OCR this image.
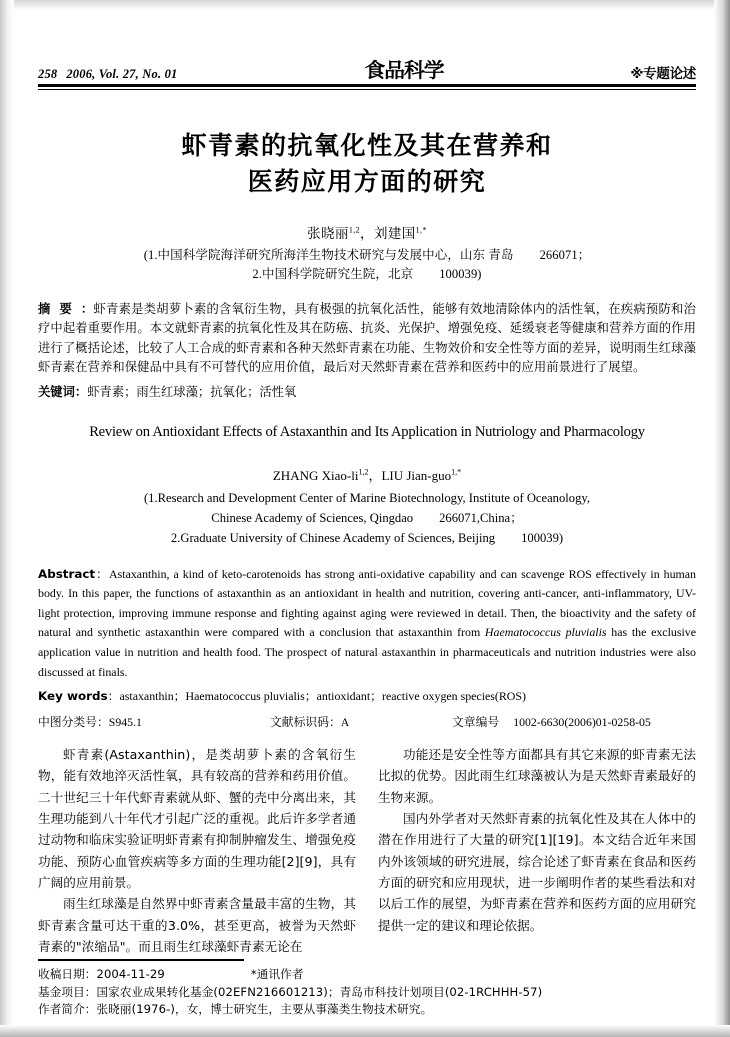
258 2006, Vol. 27, No. 01	食品科学	※专题论述
虾青素的抗氧化性及其在营养和
医药应用方面的研究
张晓丽$^{1,2}$，刘建国$^{1,*}$
(1.中国科学院海洋研究所海洋生物技术研究与发展中心，山东 青岛 266071；
2.中国科学院研究生院，北京 100039)
摘要：虾青素是类胡萝卜素的含氧衍生物，具有极强的抗氧化活性，能够有效地清除体内的活性氧，在疾病预防和治疗中起着重要作用。本文就虾青素的抗氧化性及其在防癌、抗炎、光保护、增强免疫、延缓衰老等健康和营养方面的作用进行了概括论述，比较了人工合成的虾青素和各种天然虾青素在功能、生物效价和安全性等方面的差异，说明雨生红球藻虾青素在营养和保健品中具有不可替代的应用价值，最后对天然虾青素在营养和医药中的应用前景进行了展望。
关键词：虾青素；雨生红球藻；抗氧化；活性氧
Review on Antioxidant Effects of Astaxanthin and Its Application in Nutriology and Pharmacology
ZHANG Xiao-li$^{1,2}$，LIU Jian-guo$^{1,*}$
(1.Research and Development Center of Marine Biotechnology, Institute of Oceanology,
Chinese Academy of Sciences, Qingdao 266071,China；
2.Graduate University of Chinese Academy of Sciences, Beijing 100039)
Abstract：Astaxanthin, a kind of keto-carotenoids has strong anti-oxidative capability and can scavenge ROS effectively in human body. In this paper, the functions of astaxanthin as an antioxidant in health and nutrition, covering anti-cancer, anti-inflammatory, UV-light protection, improving immune response and fighting against aging were reviewed in detail. Then, the bioactivity and the safety of natural and synthetic astaxanthin were compared with a conclusion that astaxanthin from Haematococcus pluvialis has the exclusive application value in nutrition and health food. The prospect of natural astaxanthin in pharmaceuticals and nutrition industries were also discussed at finals.
Key words：astaxanthin；Haematococcus pluvialis；antioxidant；reactive oxygen species(ROS)
中图分类号：S945.1	文献标识码：A	文章编号 1002-6630(2006)01-0258-05

虾青素(Astaxanthin)，是类胡萝卜素的含氧衍生物，能有效地淬灭活性氧，具有较高的营养和药用价值。二十世纪三十年代虾青素就从虾、蟹的壳中分离出来，其生理功能到八十年代才引起广泛的重视。此后许多学者通过动物和临床实验证明虾青素有抑制肿瘤发生、增强免疫功能、预防心血管疾病等多方面的生理功能[2][9]，具有广阔的应用前景。

雨生红球藻是自然界中虾青素含量最丰富的生物，其虾青素含量可达干重的3.0%，甚至更高，被誉为天然虾青素的"浓缩品"。而且雨生红球藻虾青素无论在

功能还是安全性等方面都具有其它来源的虾青素无法比拟的优势。因此雨生红球藻被认为是天然虾青素最好的生物来源。

国内外学者对天然虾青素的抗氧化性及其在人体中的潜在作用进行了大量的研究[1][19]。本文结合近年来国内外该领域的研究进展，综合论述了虾青素在食品和医药方面的研究和应用现状，进一步阐明作者的某些看法和对以后工作的展望，为虾青素在营养和医药方面的应用研究提供一定的建议和理论依据。

收稿日期：2004-11-29	*通讯作者
基金项目：国家农业成果转化基金(02EFN216601213)；青岛市科技计划项目(02-1RCHHH-57)
作者简介：张晓丽(1976-)，女，博士研究生，主要从事藻类生物技术研究。
